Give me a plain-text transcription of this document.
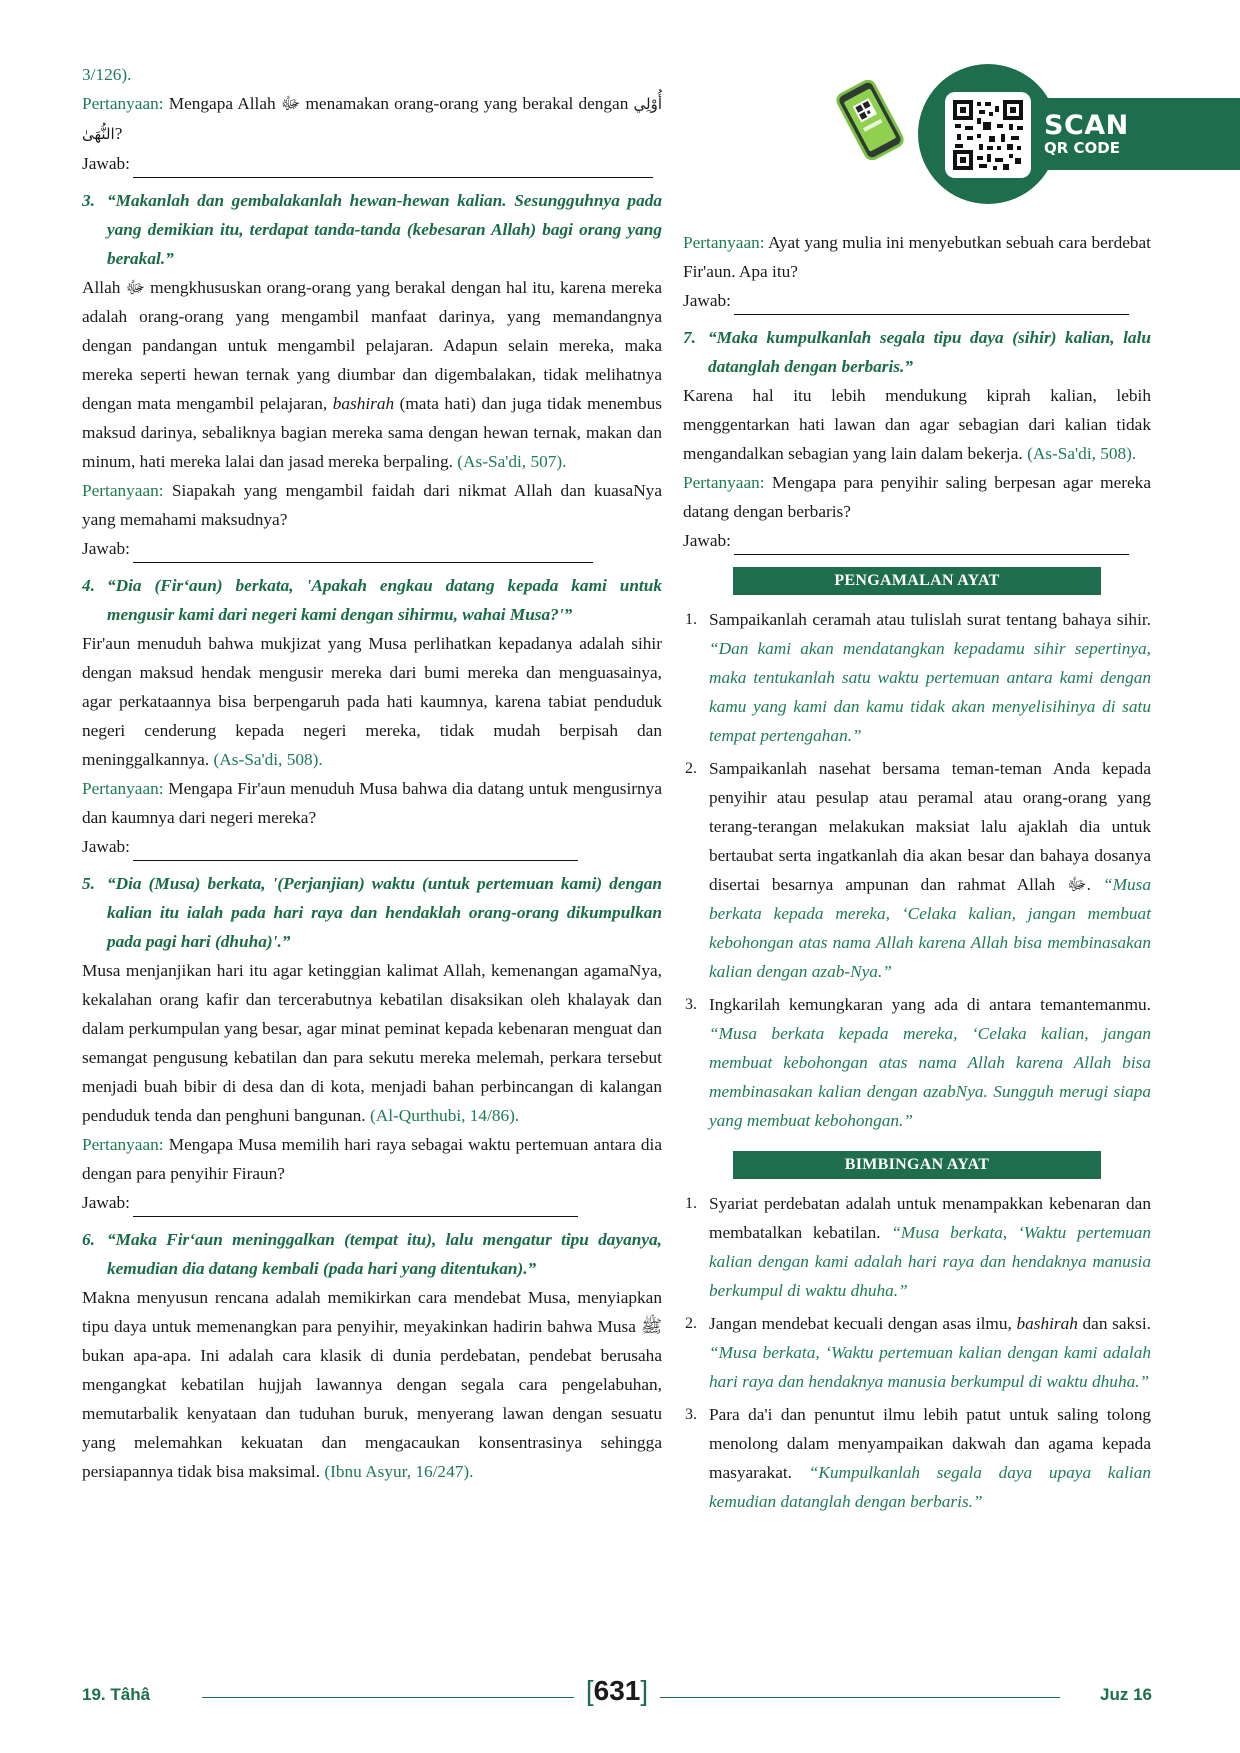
SCAN
QR CODE

3/126).

Pertanyaan: Mengapa Allah ﷻ menamakan orang-orang yang berakal dengan أُوْلِي النُّهَىٰ?

Jawab:
3. “Makanlah dan gembalakanlah hewan-hewan kalian. Sesungguhnya pada yang demikian itu, terdapat tanda-tanda (kebesaran Allah) bagi orang yang berakal.”

Allah ﷻ mengkhususkan orang-orang yang berakal dengan hal itu, karena mereka adalah orang-orang yang mengambil manfaat darinya, yang memandangnya dengan pandangan untuk mengambil pelajaran. Adapun selain mereka, maka mereka seperti hewan ternak yang diumbar dan digembalakan, tidak melihatnya dengan mata mengambil pelajaran, bashirah (mata hati) dan juga tidak menembus maksud darinya, sebaliknya bagian mereka sama dengan hewan ternak, makan dan minum, hati mereka lalai dan jasad mereka berpaling. (As-Sa'di, 507).

Pertanyaan: Siapakah yang mengambil faidah dari nikmat Allah dan kuasaNya yang memahami maksudnya?

Jawab:
4. “Dia (Fir‘aun) berkata, 'Apakah engkau datang kepada kami untuk mengusir kami dari negeri kami dengan sihirmu, wahai Musa?'”

Fir'aun menuduh bahwa mukjizat yang Musa perlihatkan kepadanya adalah sihir dengan maksud hendak mengusir mereka dari bumi mereka dan menguasainya, agar perkataannya bisa berpengaruh pada hati kaumnya, karena tabiat penduduk negeri cenderung kepada negeri mereka, tidak mudah berpisah dan meninggalkannya. (As-Sa'di, 508).

Pertanyaan: Mengapa Fir'aun menuduh Musa bahwa dia datang untuk mengusirnya dan kaumnya dari negeri mereka?

Jawab:
5. “Dia (Musa) berkata, '(Perjanjian) waktu (untuk pertemuan kami) dengan kalian itu ialah pada hari raya dan hendaklah orang-orang dikumpulkan pada pagi hari (dhuha)'.”

Musa menjanjikan hari itu agar ketinggian kalimat Allah, kemenangan agamaNya, kekalahan orang kafir dan tercerabutnya kebatilan disaksikan oleh khalayak dan dalam perkumpulan yang besar, agar minat peminat kepada kebenaran menguat dan semangat pengusung kebatilan dan para sekutu mereka melemah, perkara tersebut menjadi buah bibir di desa dan di kota, menjadi bahan perbincangan di kalangan penduduk tenda dan penghuni bangunan. (Al-Qurthubi, 14/86).

Pertanyaan: Mengapa Musa memilih hari raya sebagai waktu pertemuan antara dia dengan para penyihir Firaun?

Jawab:
6. “Maka Fir‘aun meninggalkan (tempat itu), lalu mengatur tipu dayanya, kemudian dia datang kembali (pada hari yang ditentukan).”

Makna menyusun rencana adalah memikirkan cara mendebat Musa, menyiapkan tipu daya untuk memenangkan para penyihir, meyakinkan hadirin bahwa Musa ﷺ bukan apa-apa. Ini adalah cara klasik di dunia perdebatan, pendebat berusaha mengangkat kebatilan hujjah lawannya dengan segala cara pengelabuhan, memutarbalik kenyataan dan tuduhan buruk, menyerang lawan dengan sesuatu yang melemahkan kekuatan dan mengacaukan konsentrasinya sehingga persiapannya tidak bisa maksimal. (Ibnu Asyur, 16/247).

Pertanyaan: Ayat yang mulia ini menyebutkan sebuah cara berdebat Fir'aun. Apa itu?

Jawab:
7. “Maka kumpulkanlah segala tipu daya (sihir) kalian, lalu datanglah dengan berbaris.”

Karena hal itu lebih mendukung kiprah kalian, lebih menggentarkan hati lawan dan agar sebagian dari kalian tidak mengandalkan sebagian yang lain dalam bekerja. (As-Sa'di, 508).

Pertanyaan: Mengapa para penyihir saling berpesan agar mereka datang dengan berbaris?

Jawab:
PENGAMALAN AYAT
1. Sampaikanlah ceramah atau tulislah surat tentang bahaya sihir. “Dan kami akan mendatangkan kepadamu sihir sepertinya, maka tentukanlah satu waktu pertemuan antara kami dengan kamu yang kami dan kamu tidak akan menyelisihinya di satu tempat pertengahan.”
2. Sampaikanlah nasehat bersama teman-teman Anda kepada penyihir atau pesulap atau peramal atau orang-orang yang terang-terangan melakukan maksiat lalu ajaklah dia untuk bertaubat serta ingatkanlah dia akan besar dan bahaya dosanya disertai besarnya ampunan dan rahmat Allah ﷻ. “Musa berkata kepada mereka, ‘Celaka kalian, jangan membuat kebohongan atas nama Allah karena Allah bisa membinasakan kalian dengan azab-Nya.”
3. Ingkarilah kemungkaran yang ada di antara temantemanmu. “Musa berkata kepada mereka, ‘Celaka kalian, jangan membuat kebohongan atas nama Allah karena Allah bisa membinasakan kalian dengan azabNya. Sungguh merugi siapa yang membuat kebohongan.”
BIMBINGAN AYAT
1. Syariat perdebatan adalah untuk menampakkan kebenaran dan membatalkan kebatilan. “Musa berkata, ‘Waktu pertemuan kalian dengan kami adalah hari raya dan hendaknya manusia berkumpul di waktu dhuha.”
2. Jangan mendebat kecuali dengan asas ilmu, bashirah dan saksi. “Musa berkata, ‘Waktu pertemuan kalian dengan kami adalah hari raya dan hendaknya manusia berkumpul di waktu dhuha.”
3. Para da'i dan penuntut ilmu lebih patut untuk saling tolong menolong dalam menyampaikan dakwah dan agama kepada masyarakat. “Kumpulkanlah segala daya upaya kalian kemudian datanglah dengan berbaris.”
19. Tâhâ	[631]	Juz 16
